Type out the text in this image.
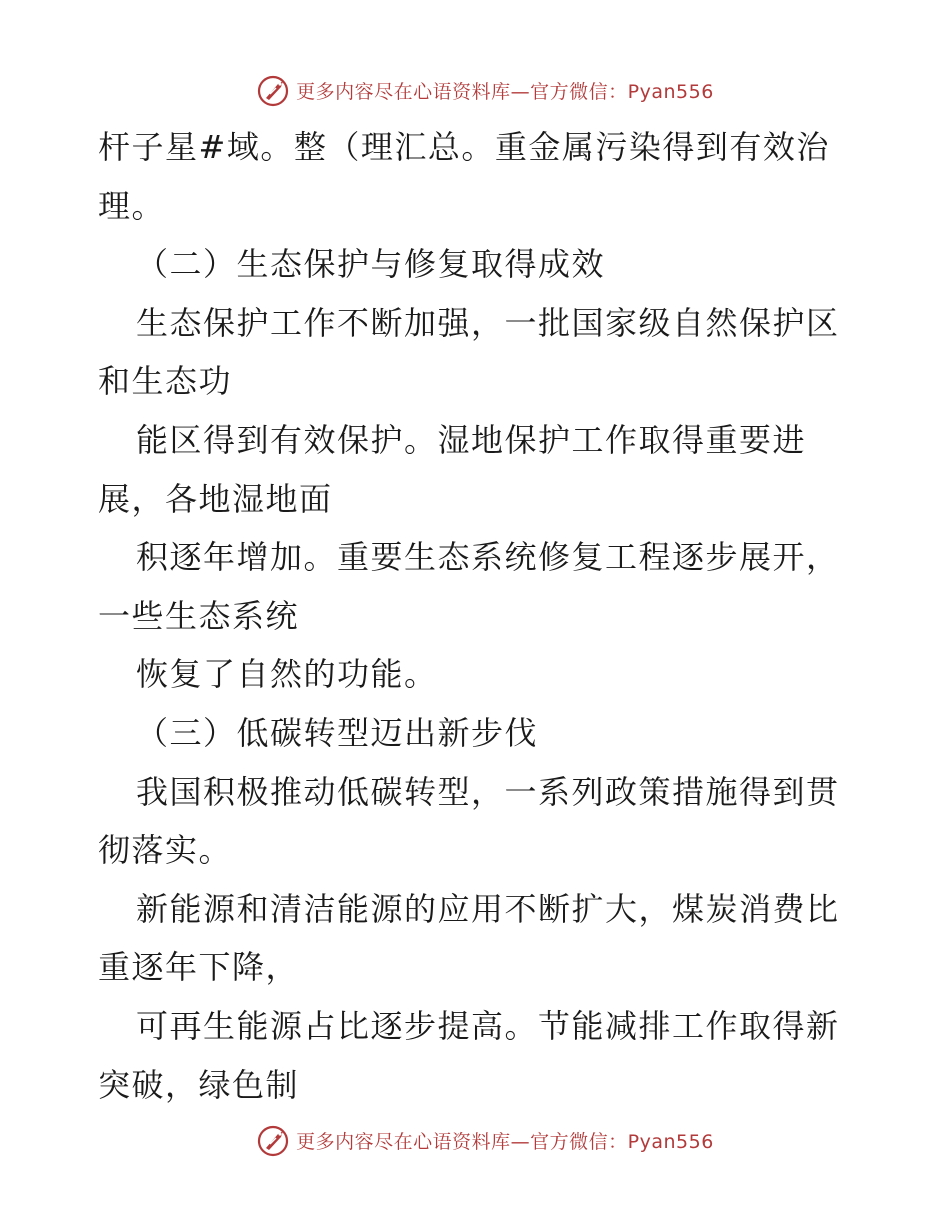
更多内容尽在心语资料库—官方微信：Pyan556
杆子星#域。整（理汇总。重金属污染得到有效治
理。
（二）生态保护与修复取得成效
生态保护工作不断加强，一批国家级自然保护区
和生态功
能区得到有效保护。湿地保护工作取得重要进
展，各地湿地面
积逐年增加。重要生态系统修复工程逐步展开，
一些生态系统
恢复了自然的功能。
（三）低碳转型迈出新步伐
我国积极推动低碳转型，一系列政策措施得到贯
彻落实。
新能源和清洁能源的应用不断扩大，煤炭消费比
重逐年下降，
可再生能源占比逐步提高。节能减排工作取得新
突破，绿色制
更多内容尽在心语资料库—官方微信：Pyan556
